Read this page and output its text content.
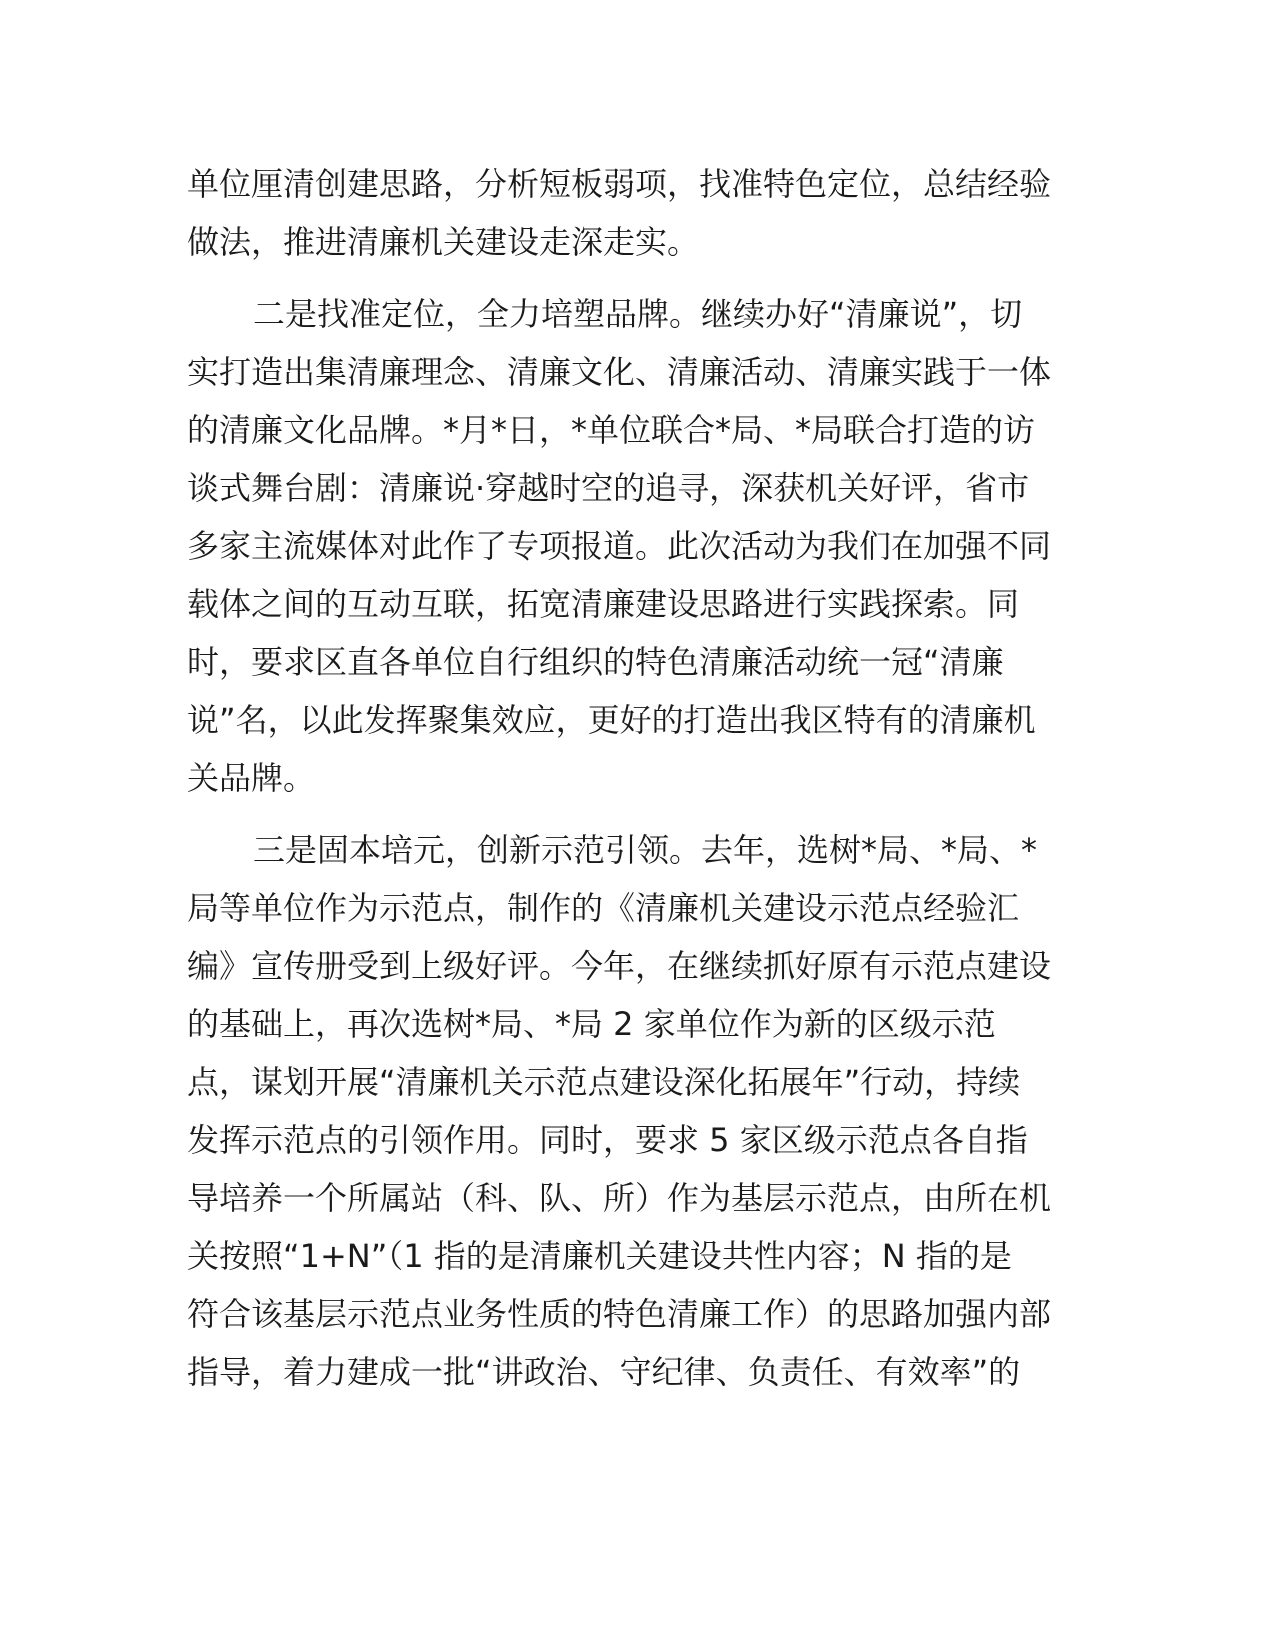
单位厘清创建思路，分析短板弱项，找准特色定位，总结经验
做法，推进清廉机关建设走深走实。
二是找准定位，全力培塑品牌。继续办好“清廉说”，切
实打造出集清廉理念、清廉文化、清廉活动、清廉实践于一体
的清廉文化品牌。*月*日，*单位联合*局、*局联合打造的访
谈式舞台剧：清廉说·穿越时空的追寻，深获机关好评，省市
多家主流媒体对此作了专项报道。此次活动为我们在加强不同
载体之间的互动互联，拓宽清廉建设思路进行实践探索。同
时，要求区直各单位自行组织的特色清廉活动统一冠“清廉
说”名，以此发挥聚集效应，更好的打造出我区特有的清廉机
关品牌。
三是固本培元，创新示范引领。去年，选树*局、*局、*
局等单位作为示范点，制作的《清廉机关建设示范点经验汇
编》宣传册受到上级好评。今年，在继续抓好原有示范点建设
的基础上，再次选树*局、*局 2 家单位作为新的区级示范
点，谋划开展“清廉机关示范点建设深化拓展年”行动，持续
发挥示范点的引领作用。同时，要求 5 家区级示范点各自指
导培养一个所属站（科、队、所）作为基层示范点，由所在机
关按照“1+N”（1 指的是清廉机关建设共性内容；N 指的是
符合该基层示范点业务性质的特色清廉工作）的思路加强内部
指导，着力建成一批“讲政治、守纪律、负责任、有效率”的
